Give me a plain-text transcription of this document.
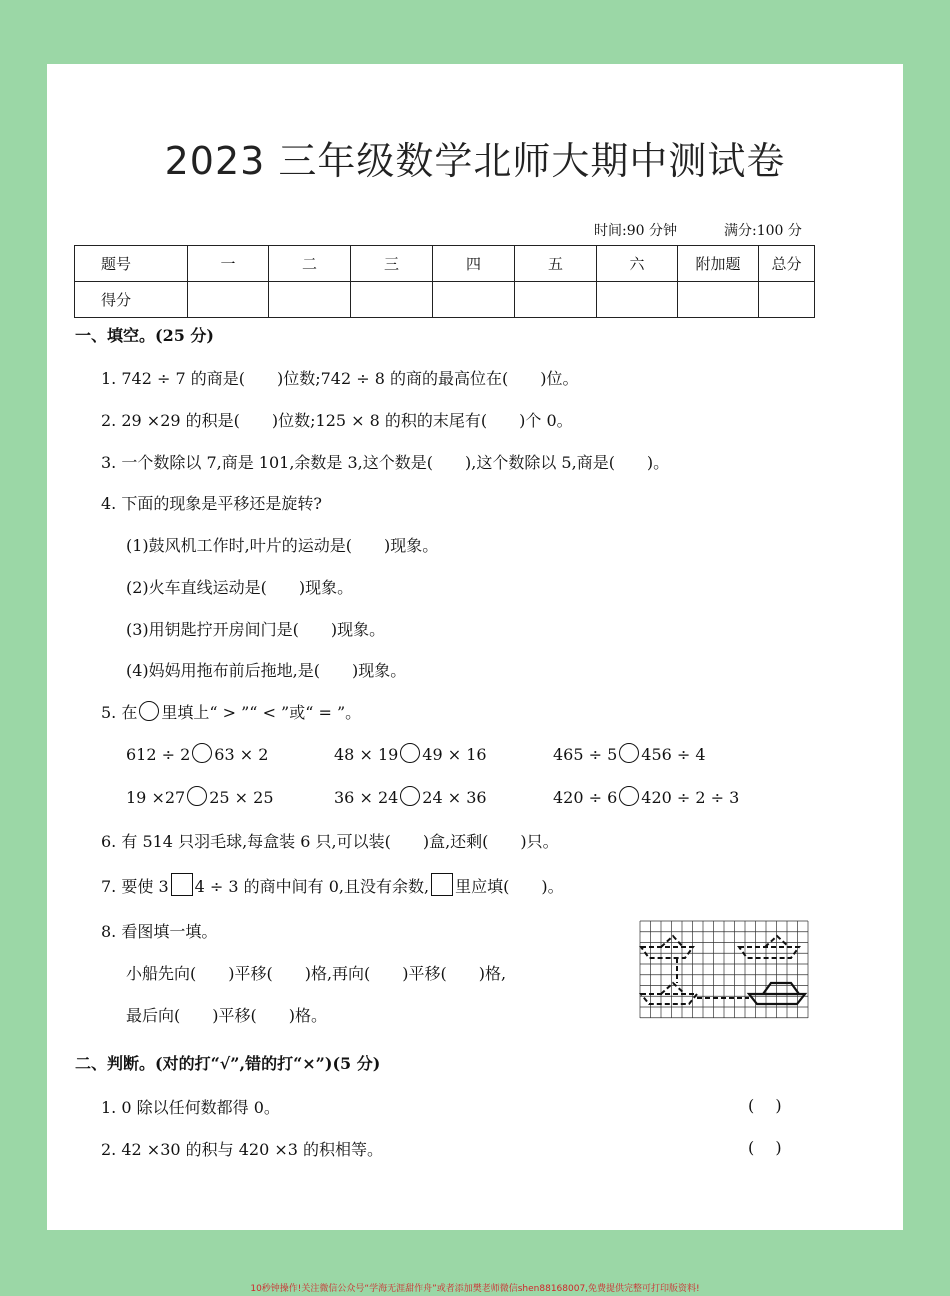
2023 三年级数学北师大期中测试卷
时间:90 分钟	满分:100 分
题号	一	二	三	四	五	六	附加题	总分
得分								
一、填空。(25 分)
1. 742 ÷ 7 的商是(　　)位数;742 ÷ 8 的商的最高位在(　　)位。
2. 29 ×29 的积是(　　)位数;125 × 8 的积的末尾有(　　)个 0。
3. 一个数除以 7,商是 101,余数是 3,这个数是(　　),这个数除以 5,商是(　　)。
4. 下面的现象是平移还是旋转?
(1)鼓风机工作时,叶片的运动是(　　)现象。
(2)火车直线运动是(　　)现象。
(3)用钥匙拧开房间门是(　　)现象。
(4)妈妈用拖布前后拖地,是(　　)现象。
5. 在 里填上“ > ”“ < ”或“ = ”。
612 ÷ 2 63 × 2	48 × 19 49 × 16	465 ÷ 5 456 ÷ 4
19 ×27 25 × 25	36 × 24 24 × 36	420 ÷ 6 420 ÷ 2 ÷ 3
6. 有 514 只羽毛球,每盒装 6 只,可以装(　　)盒,还剩(　　)只。
7. 要使 3 4 ÷ 3 的商中间有 0,且没有余数, 里应填(　　)。
8. 看图填一填。
小船先向(　　)平移(　　)格,再向(　　)平移(　　)格,
最后向(　　)平移(　　)格。
二、判断。(对的打“√”,错的打“×”)(5 分)
1. 0 除以任何数都得 0。	(　 )
2. 42 ×30 的积与 420 ×3 的积相等。	(　 )
10秒钟操作!关注微信公众号“学海无涯甜作舟”或者添加樊老师微信shen88168007,免费提供完整可打印版资料!
